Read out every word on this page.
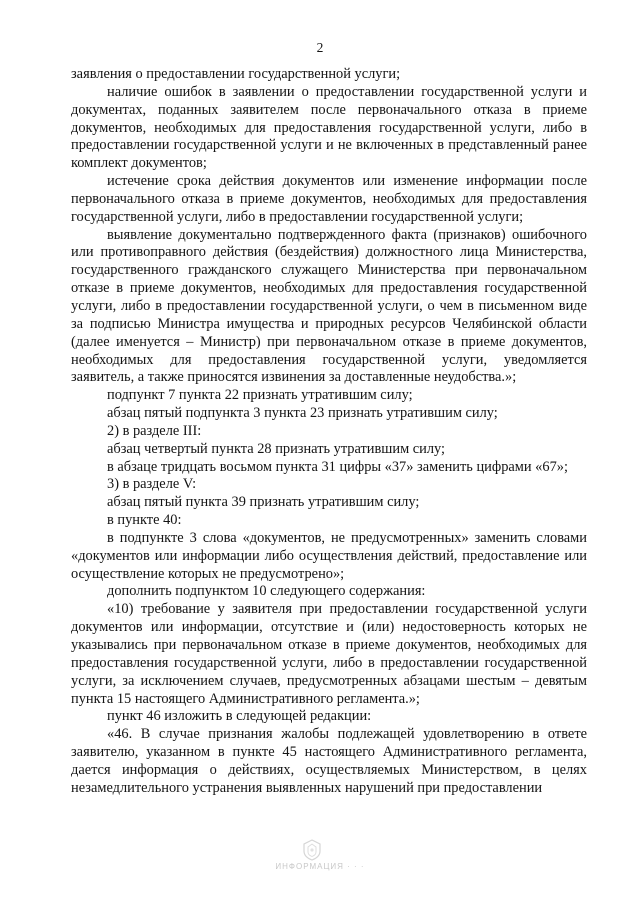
2

заявления о предоставлении государственной услуги;

наличие ошибок в заявлении о предоставлении государственной услуги и документах, поданных заявителем после первоначального отказа в приеме документов, необходимых для предоставления государственной услуги, либо в предоставлении государственной услуги и не включенных в представленный ранее комплект документов;

истечение срока действия документов или изменение информации после первоначального отказа в приеме документов, необходимых для предоставления государственной услуги, либо в предоставлении государственной услуги;

выявление документально подтвержденного факта (признаков) ошибочного или противоправного действия (бездействия) должностного лица Министерства, государственного гражданского служащего Министерства при первоначальном отказе в приеме документов, необходимых для предоставления государственной услуги, либо в предоставлении государственной услуги, о чем в письменном виде за подписью Министра имущества и природных ресурсов Челябинской области (далее именуется – Министр) при первоначальном отказе в приеме документов, необходимых для предоставления государственной услуги, уведомляется заявитель, а также приносятся извинения за доставленные неудобства.»;

подпункт 7 пункта 22 признать утратившим силу;

абзац пятый подпункта 3 пункта 23 признать утратившим силу;

2) в разделе III:

абзац четвертый пункта 28 признать утратившим силу;

в абзаце тридцать восьмом пункта 31 цифры «37» заменить цифрами «67»;

3) в разделе V:

абзац пятый пункта 39 признать утратившим силу;

в пункте 40:

в подпункте 3 слова «документов, не предусмотренных» заменить словами «документов или информации либо осуществления действий, предоставление или осуществление которых не предусмотрено»;

дополнить подпунктом 10 следующего содержания:

«10) требование у заявителя при предоставлении государственной услуги документов или информации, отсутствие и (или) недостоверность которых не указывались при первоначальном отказе в приеме документов, необходимых для предоставления государственной услуги, либо в предоставлении государственной услуги, за исключением случаев, предусмотренных абзацами шестым – девятым пункта 15 настоящего Административного регламента.»;

пункт 46 изложить в следующей редакции:

«46. В случае признания жалобы подлежащей удовлетворению в ответе заявителю, указанном в пункте 45 настоящего Административного регламента, дается информация о действиях, осуществляемых Министерством, в целях незамедлительного устранения выявленных нарушений при предоставлении

ИНФОРМАЦИЯ · · ·
